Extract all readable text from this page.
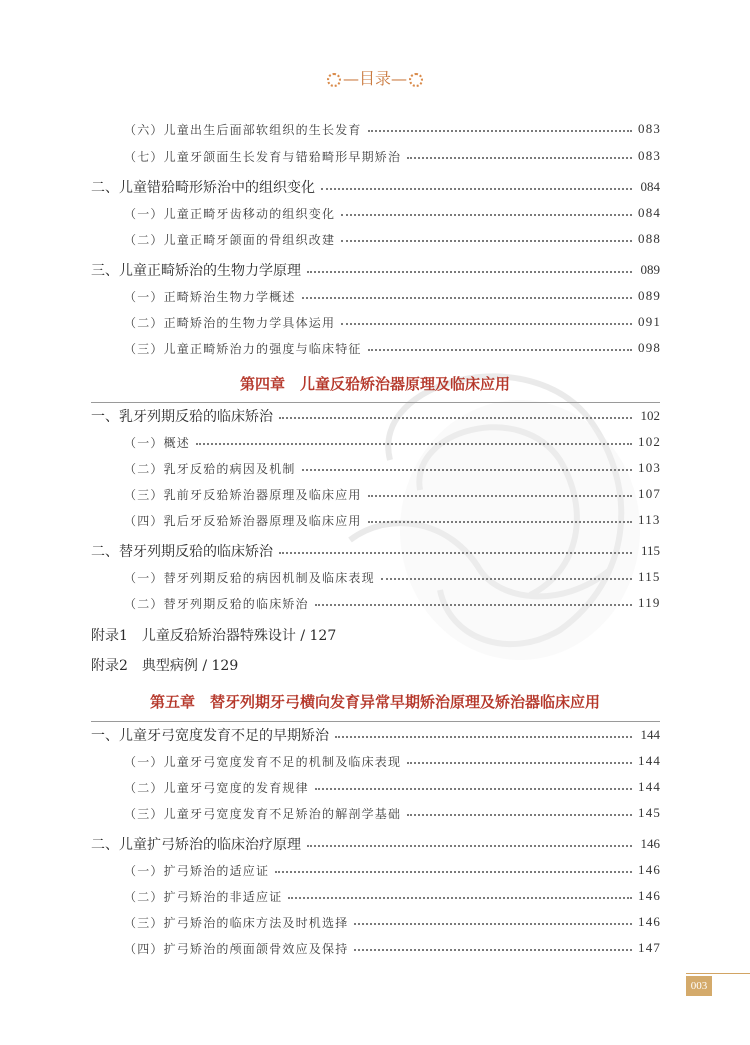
—目录—
（六）儿童出生后面部软组织的生长发育	083
（七）儿童牙颌面生长发育与错𬌗畸形早期矫治	083
二、儿童错𬌗畸形矫治中的组织变化	084
（一）儿童正畸牙齿移动的组织变化	084
（二）儿童正畸牙颌面的骨组织改建	088
三、儿童正畸矫治的生物力学原理	089
（一）正畸矫治生物力学概述	089
（二）正畸矫治的生物力学具体运用	091
（三）儿童正畸矫治力的强度与临床特征	098
第四章　儿童反𬌗矫治器原理及临床应用
一、乳牙列期反𬌗的临床矫治	102
（一）概述	102
（二）乳牙反𬌗的病因及机制	103
（三）乳前牙反𬌗矫治器原理及临床应用	107
（四）乳后牙反𬌗矫治器原理及临床应用	113
二、替牙列期反𬌗的临床矫治	115
（一）替牙列期反𬌗的病因机制及临床表现	115
（二）替牙列期反𬌗的临床矫治	119
附录1　儿童反𬌗矫治器特殊设计 / 127
附录2　典型病例 / 129
第五章　替牙列期牙弓横向发育异常早期矫治原理及矫治器临床应用
一、儿童牙弓宽度发育不足的早期矫治	144
（一）儿童牙弓宽度发育不足的机制及临床表现	144
（二）儿童牙弓宽度的发育规律	144
（三）儿童牙弓宽度发育不足矫治的解剖学基础	145
二、儿童扩弓矫治的临床治疗原理	146
（一）扩弓矫治的适应证	146
（二）扩弓矫治的非适应证	146
（三）扩弓矫治的临床方法及时机选择	146
（四）扩弓矫治的颅面颌骨效应及保持	147
003
